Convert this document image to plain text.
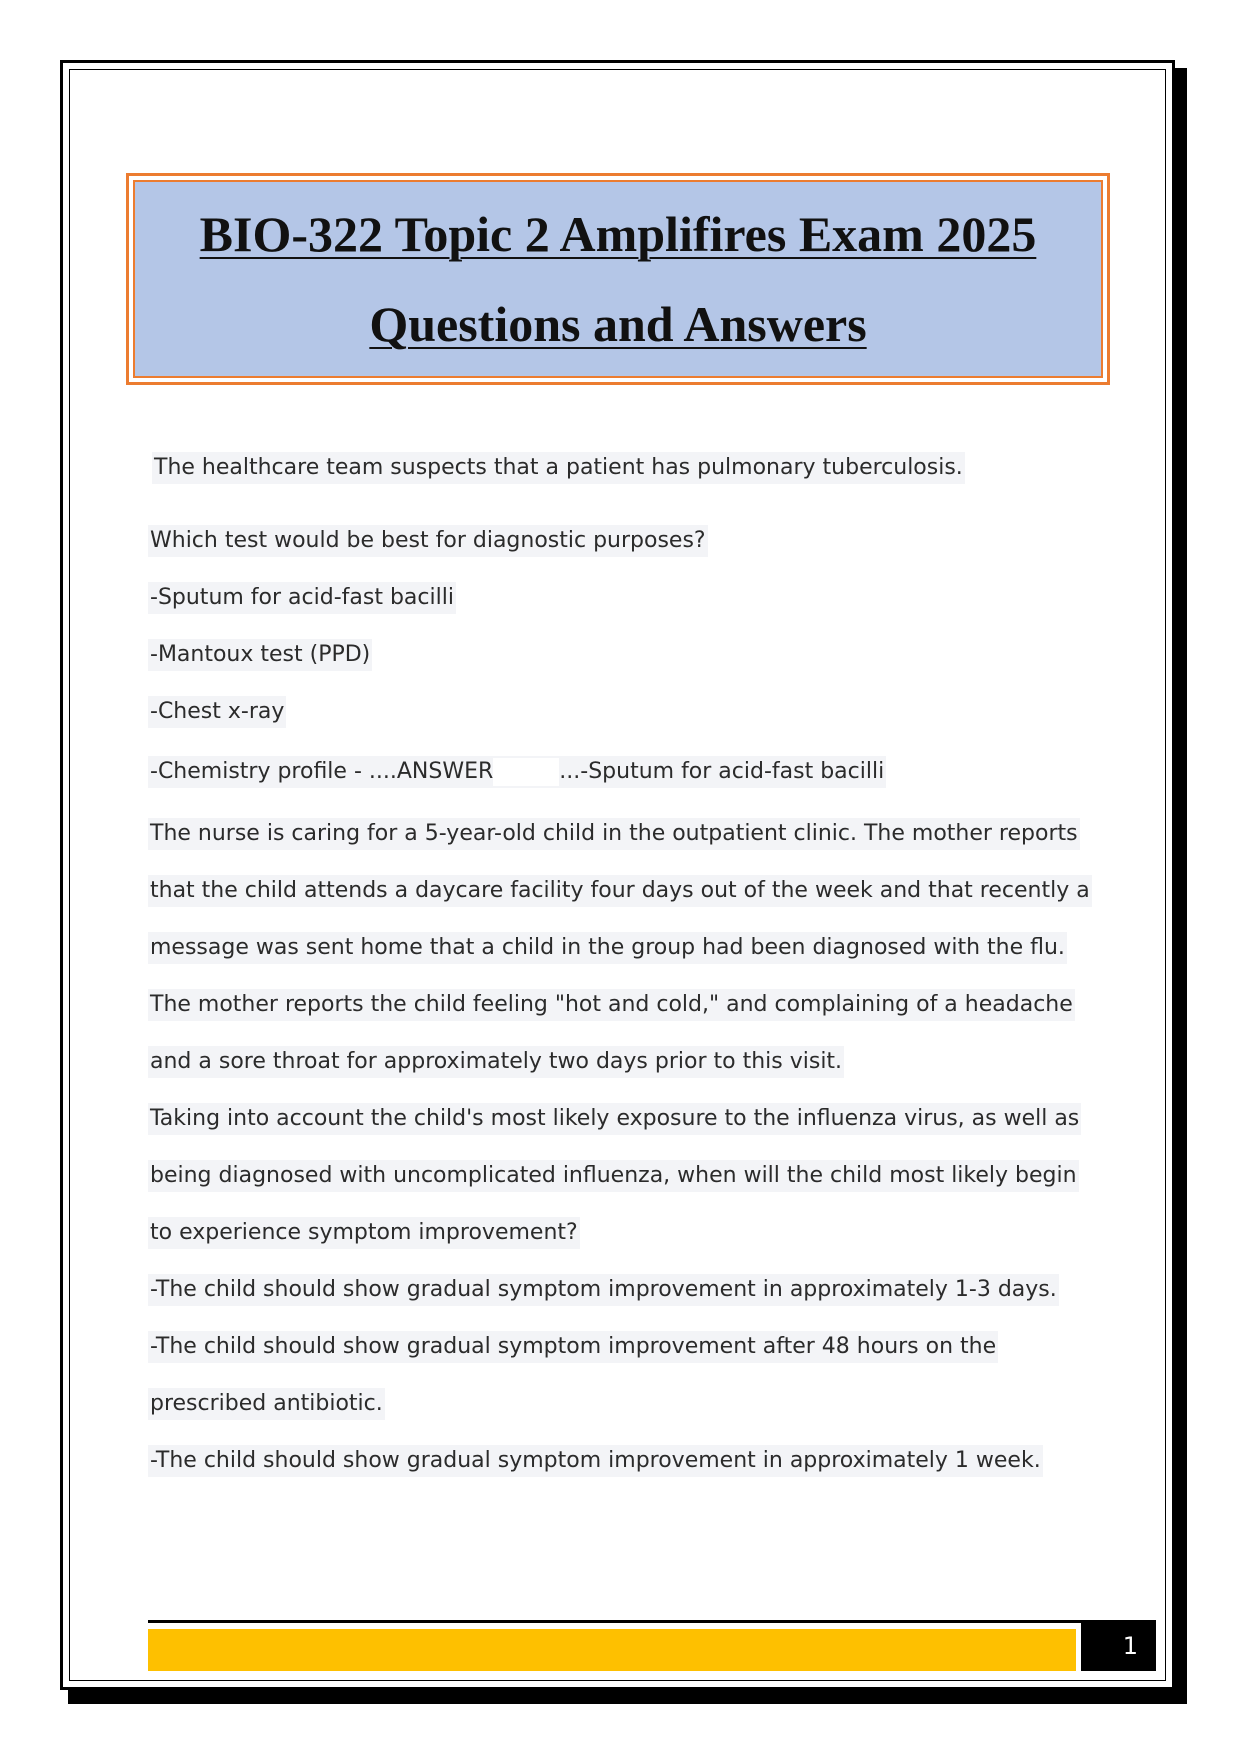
BIO-322 Topic 2 Amplifires Exam 2025
Questions and Answers
The healthcare team suspects that a patient has pulmonary tuberculosis.
Which test would be best for diagnostic purposes?
-Sputum for acid-fast bacilli
-Mantoux test (PPD)
-Chest x-ray
-Chemistry profile - ....ANSWER	...-Sputum for acid-fast bacilli
The nurse is caring for a 5-year-old child in the outpatient clinic. The mother reports
that the child attends a daycare facility four days out of the week and that recently a
message was sent home that a child in the group had been diagnosed with the flu.
The mother reports the child feeling "hot and cold," and complaining of a headache
and a sore throat for approximately two days prior to this visit.
Taking into account the child's most likely exposure to the influenza virus, as well as
being diagnosed with uncomplicated influenza, when will the child most likely begin
to experience symptom improvement?
-The child should show gradual symptom improvement in approximately 1-3 days.
-The child should show gradual symptom improvement after 48 hours on the
prescribed antibiotic.
-The child should show gradual symptom improvement in approximately 1 week.
1
